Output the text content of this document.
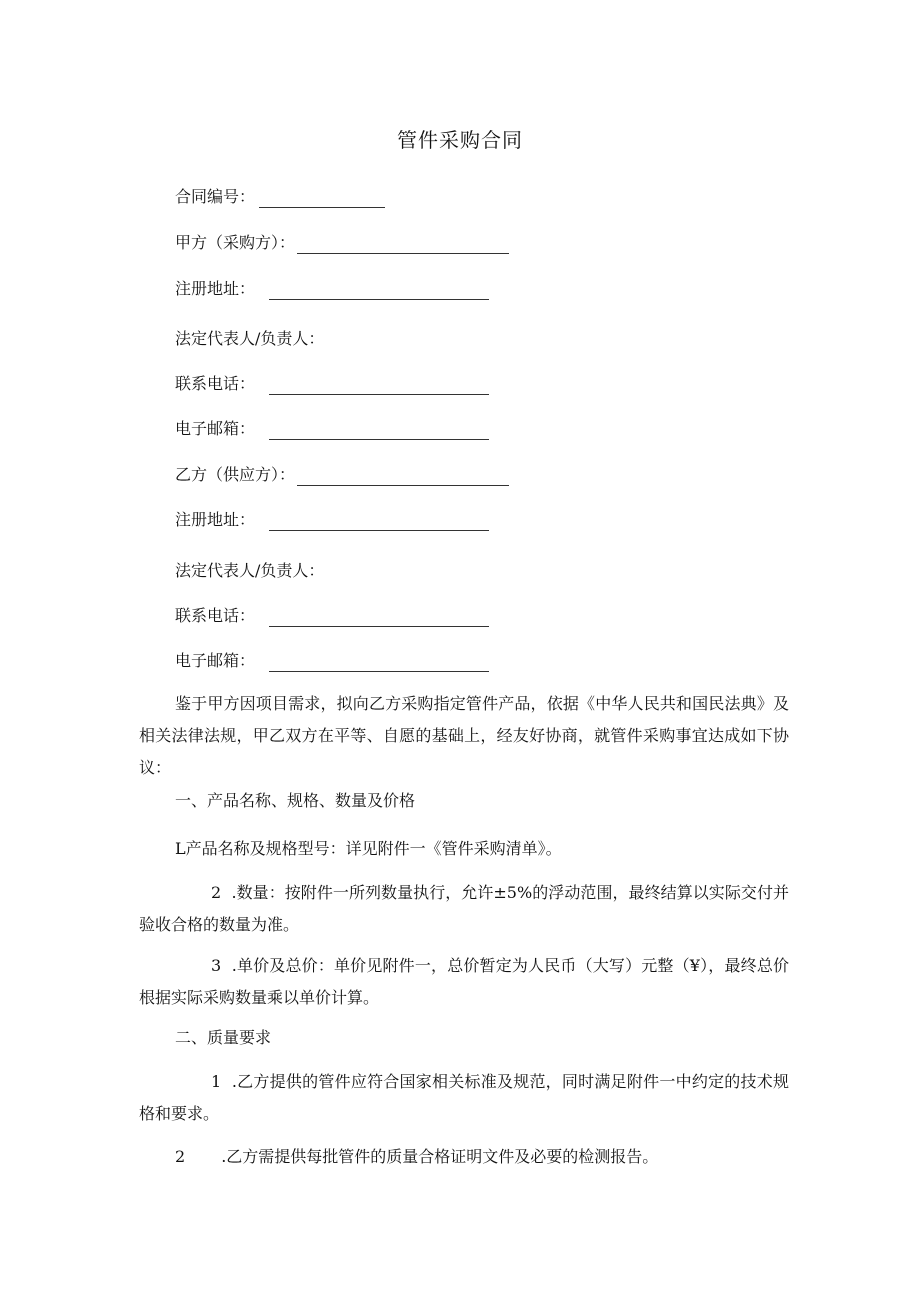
管件采购合同
合同编号：
甲方（采购方）：
注册地址：
法定代表人/负责人：
联系电话：
电子邮箱：
乙方（供应方）：
注册地址：
法定代表人/负责人：
联系电话：
电子邮箱：

鉴于甲方因项目需求，拟向乙方采购指定管件产品，依据《中华人民共和国民法典》及相关法律法规，甲乙双方在平等、自愿的基础上，经友好协商，就管件采购事宜达成如下协议：

一、产品名称、规格、数量及价格

L产品名称及规格型号：详见附件一《管件采购清单》。

2 .数量：按附件一所列数量执行，允许±5%的浮动范围，最终结算以实际交付并验收合格的数量为准。

3 .单价及总价：单价见附件一，总价暂定为人民币（大写）元整（¥），最终总价根据实际采购数量乘以单价计算。

二、质量要求

1 .乙方提供的管件应符合国家相关标准及规范，同时满足附件一中约定的技术规格和要求。

2 .乙方需提供每批管件的质量合格证明文件及必要的检测报告。
